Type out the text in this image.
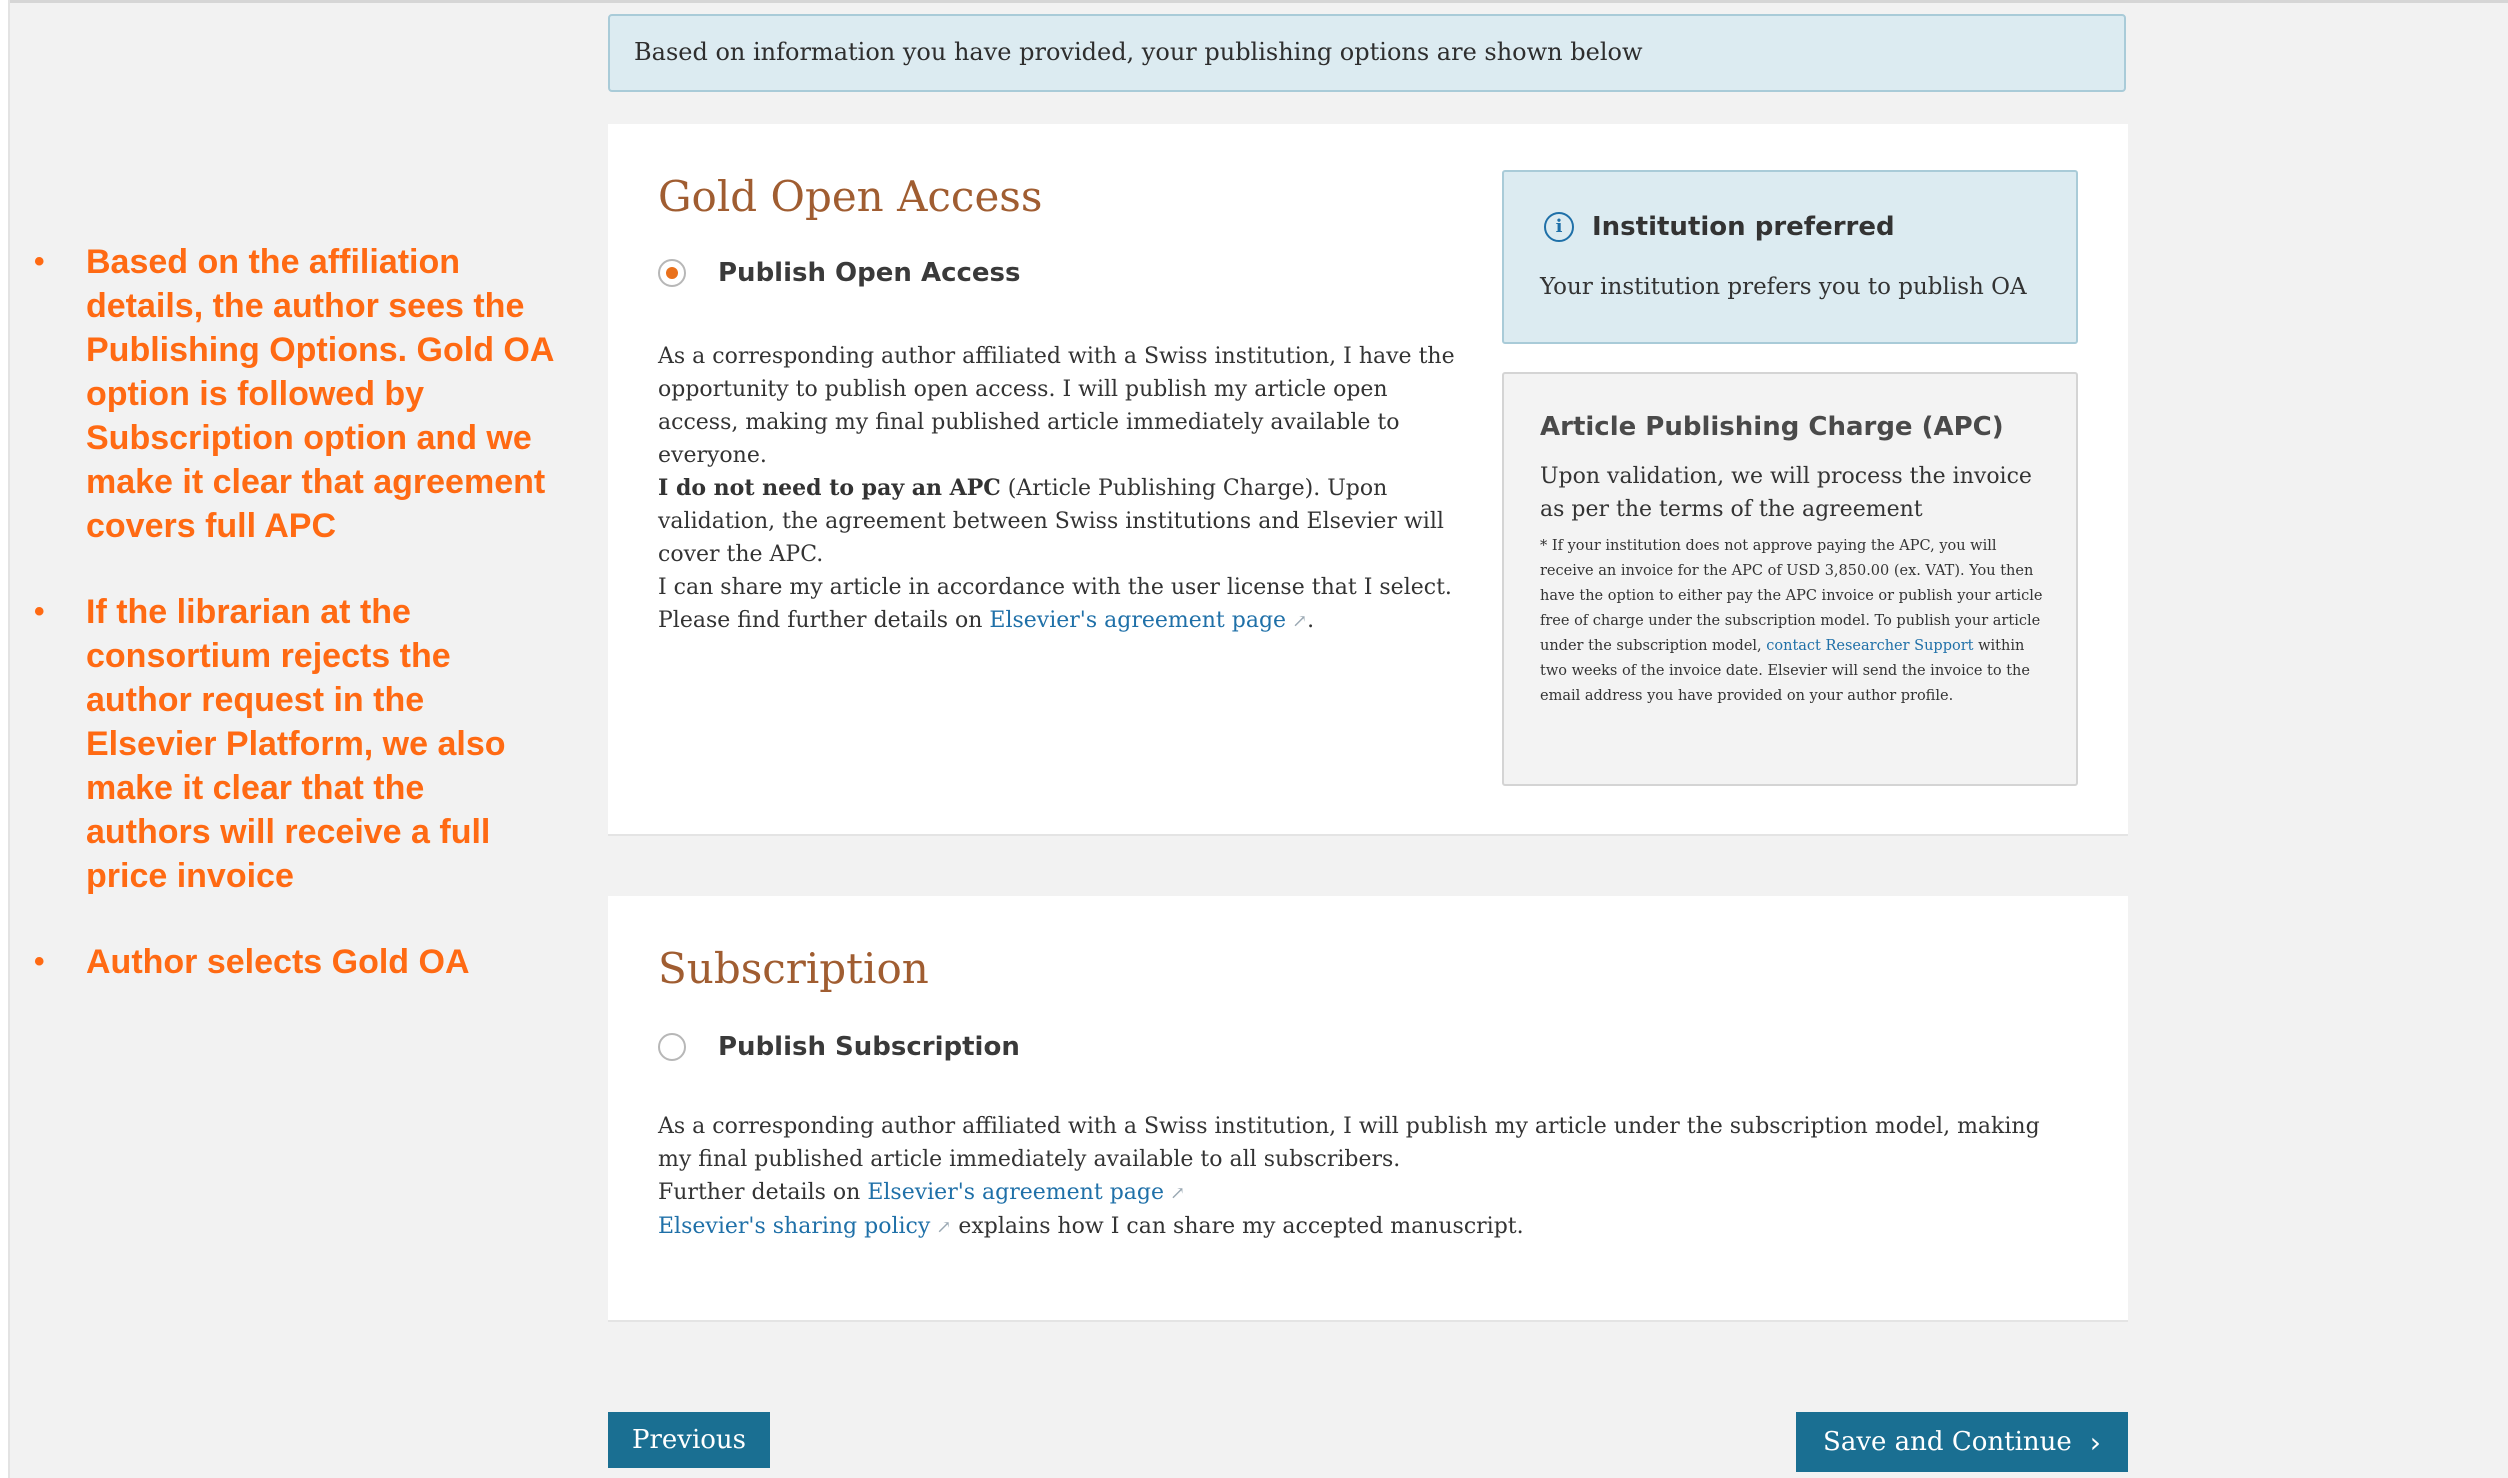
• Based on the affiliation details, the author sees the Publishing Options. Gold OA option is followed by Subscription option and we make it clear that agreement covers full APC
• If the librarian at the consortium rejects the author request in the Elsevier Platform, we also make it clear that the authors will receive a full price invoice
• Author selects Gold OA
Based on information you have provided, your publishing options are shown below
Gold Open Access
Publish Open Access

As a corresponding author affiliated with a Swiss institution, I have the opportunity to publish open access. I will publish my article open access, making my final published article immediately available to everyone.

I do not need to pay an APC (Article Publishing Charge). Upon validation, the agreement between Swiss institutions and Elsevier will cover the APC.

I can share my article in accordance with the user license that I select. Please find further details on Elsevier's agreement page ↗.

i	Institution preferred
Your institution prefers you to publish OA
Article Publishing Charge (APC)
Upon validation, we will process the invoice as per the terms of the agreement
* If your institution does not approve paying the APC, you will receive an invoice for the APC of USD 3,850.00 (ex. VAT). You then have the option to either pay the APC invoice or publish your article free of charge under the subscription model. To publish your article under the subscription model, contact Researcher Support within two weeks of the invoice date. Elsevier will send the invoice to the email address you have provided on your author profile.
Subscription
Publish Subscription

As a corresponding author affiliated with a Swiss institution, I will publish my article under the subscription model, making my final published article immediately available to all subscribers.

Further details on Elsevier's agreement page ↗

Elsevier's sharing policy ↗ explains how I can share my accepted manuscript.

Previous	Save and Continue ›
